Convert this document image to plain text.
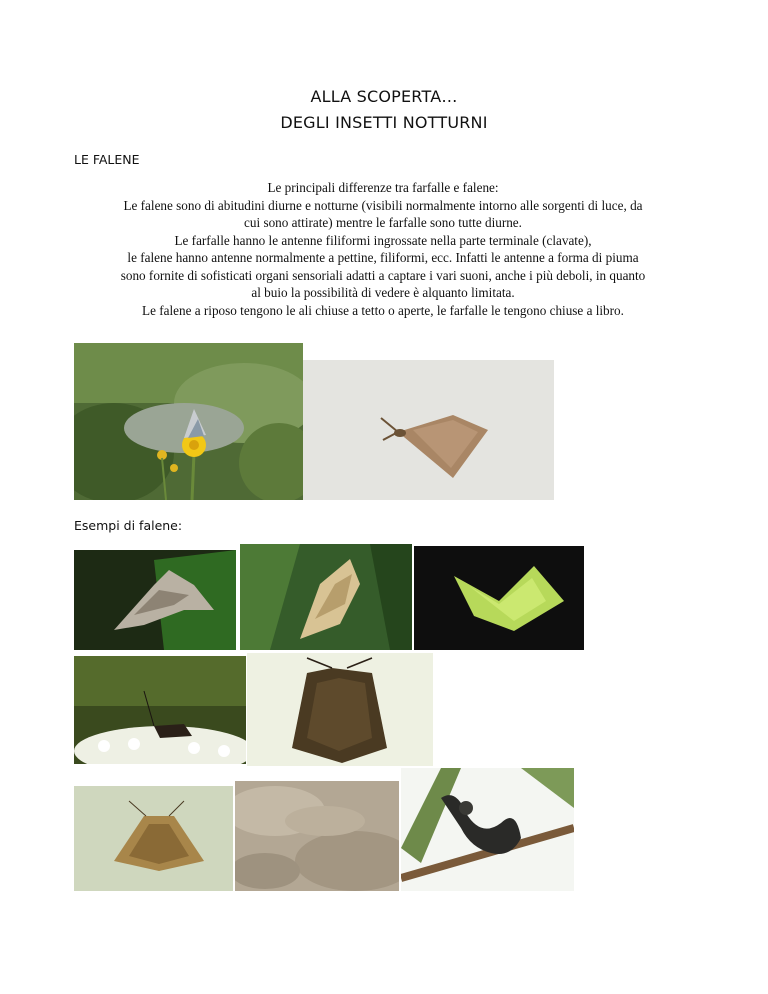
ALLA SCOPERTA…
DEGLI INSETTI NOTTURNI
LE FALENE
Le principali differenze tra farfalle e falene:
Le falene sono di abitudini diurne e notturne (visibili normalmente intorno alle sorgenti di luce, da
cui sono attirate) mentre le farfalle sono tutte diurne.
Le farfalle hanno le antenne filiformi ingrossate nella parte terminale (clavate),
le falene hanno antenne normalmente a pettine, filiformi, ecc. Infatti le antenne a forma di piuma
sono fornite di sofisticati organi sensoriali adatti a captare i vari suoni, anche i più deboli, in quanto
al buio la possibilità di vedere è alquanto limitata.
Le falene a riposo tengono le ali chiuse a tetto o aperte, le farfalle le tengono chiuse a libro.
Esempi di falene:
